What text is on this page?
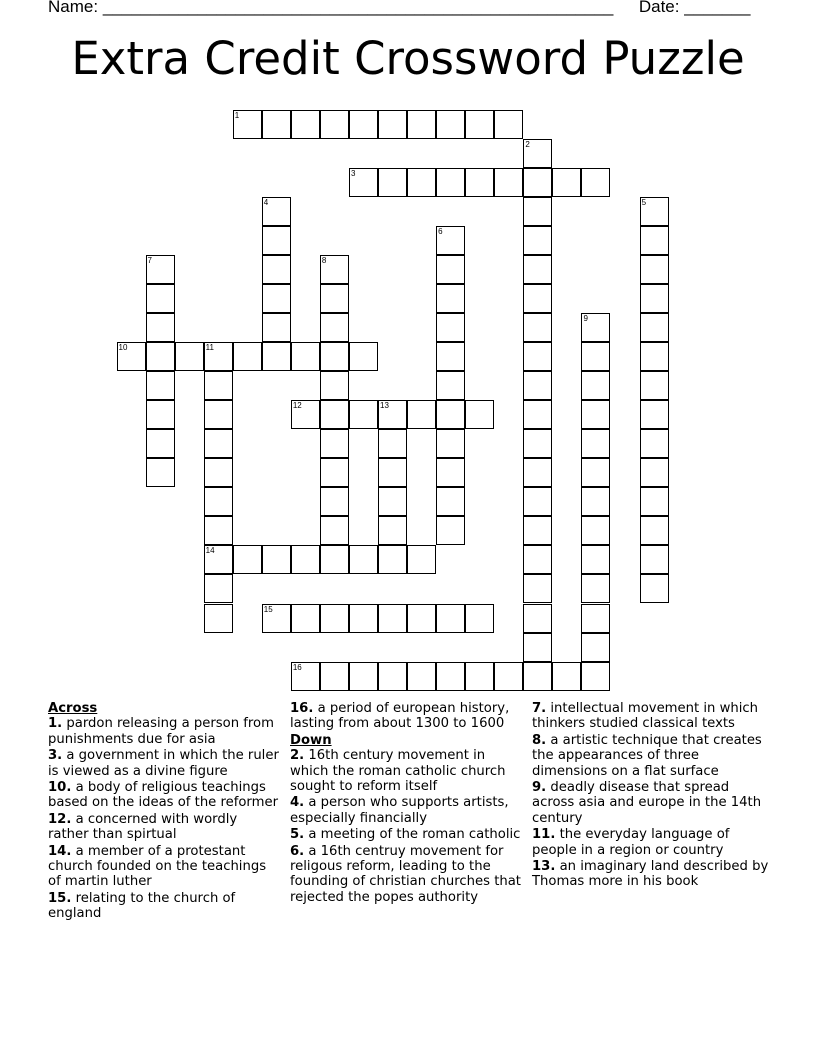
Name: ______________________________________________________ Date: _______
Extra Credit Crossword Puzzle
1
2
3
4	5
6
7	8
9
10	11
14
12	13
15
16
Across
1. pardon releasing a person from punishments due for asia
3. a government in which the ruler is viewed as a divine figure
10. a body of religious teachings based on the ideas of the reformer
12. a concerned with wordly rather than spirtual
14. a member of a protestant church founded on the teachings of martin luther
15. relating to the church of england
16. a period of european history, lasting from about 1300 to 1600
Down
2. 16th century movement in which the roman catholic church sought to reform itself
4. a person who supports artists, especially financially
5. a meeting of the roman catholic
6. a 16th centruy movement for religous reform, leading to the founding of christian churches that rejected the popes authority
7. intellectual movement in which thinkers studied classical texts
8. a artistic technique that creates the appearances of three dimensions on a flat surface
9. deadly disease that spread across asia and europe in the 14th century
11. the everyday language of people in a region or country
13. an imaginary land described by Thomas more in his book
